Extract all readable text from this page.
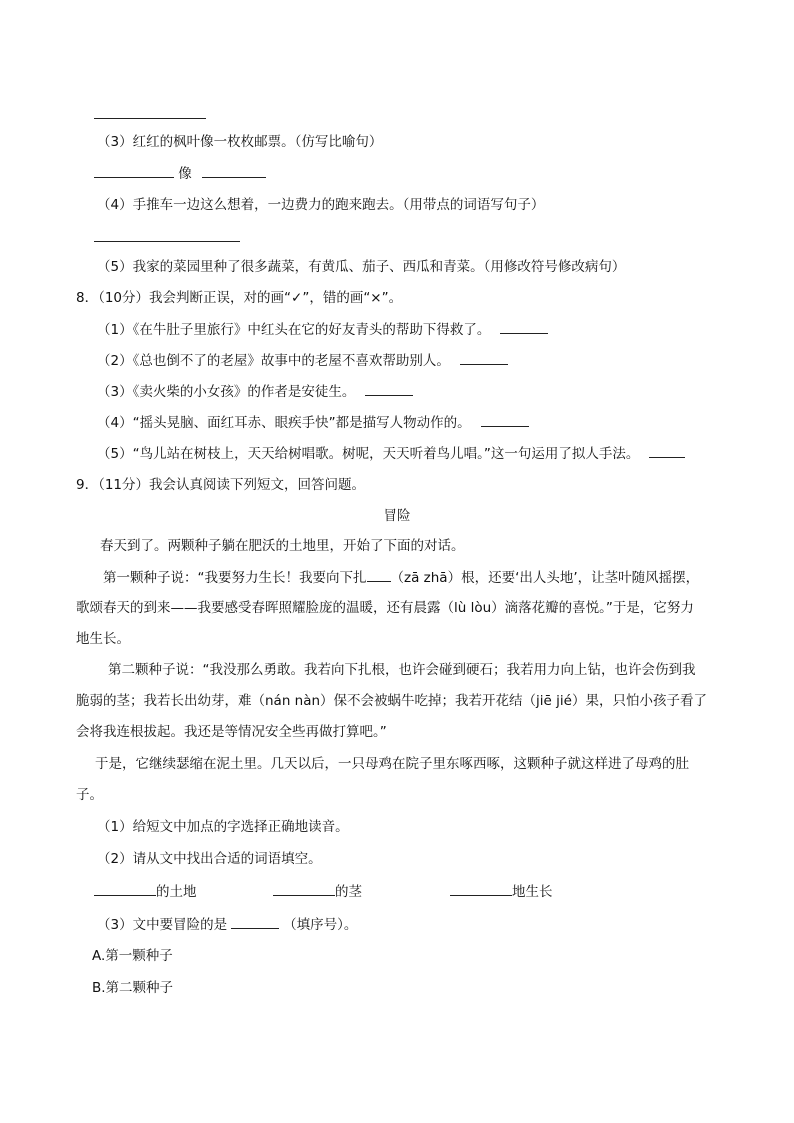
（3）红红的枫叶像一枚枚邮票。（仿写比喻句）
像
（4）手推车一边这么想着，一边费力的跑来跑去。（用带点的词语写句子）
（5）我家的菜园里种了很多蔬菜，有黄瓜、茄子、西瓜和青菜。（用修改符号修改病句）
8．（10分）我会判断正误，对的画“✓”，错的画“×”。
（1）《在牛肚子里旅行》中红头在它的好友青头的帮助下得救了。
（2）《总也倒不了的老屋》故事中的老屋不喜欢帮助别人。
（3）《卖火柴的小女孩》的作者是安徒生。
（4）“摇头晃脑、面红耳赤、眼疾手快”都是描写人物动作的。
（5）“鸟儿站在树枝上，天天给树唱歌。树呢，天天听着鸟儿唱。”这一句运用了拟人手法。
9．（11分）我会认真阅读下列短文，回答问题。
冒险
春天到了。两颗种子躺在肥沃的土地里，开始了下面的对话。
第一颗种子说：“我要努力生长！我要向下扎 （zā zhā）根，还要‘出人头地’，让茎叶随风摇摆，
歌颂春天的到来——我要感受春晖照耀脸庞的温暖，还有晨露（lù lòu）滴落花瓣的喜悦。”于是，它努力
地生长。
第二颗种子说：“我没那么勇敢。我若向下扎根，也许会碰到硬石；我若用力向上钻，也许会伤到我
脆弱的茎；我若长出幼芽，难（nán nàn）保不会被蜗牛吃掉；我若开花结（jiē jié）果，只怕小孩子看了
会将我连根拔起。我还是等情况安全些再做打算吧。”
于是，它继续瑟缩在泥土里。几天以后，一只母鸡在院子里东啄西啄，这颗种子就这样进了母鸡的肚
子。
（1）给短文中加点的字选择正确地读音。
（2）请从文中找出合适的词语填空。
的土地	的茎	地生长
（3）文中要冒险的是	（填序号）。
A.第一颗种子
B.第二颗种子
